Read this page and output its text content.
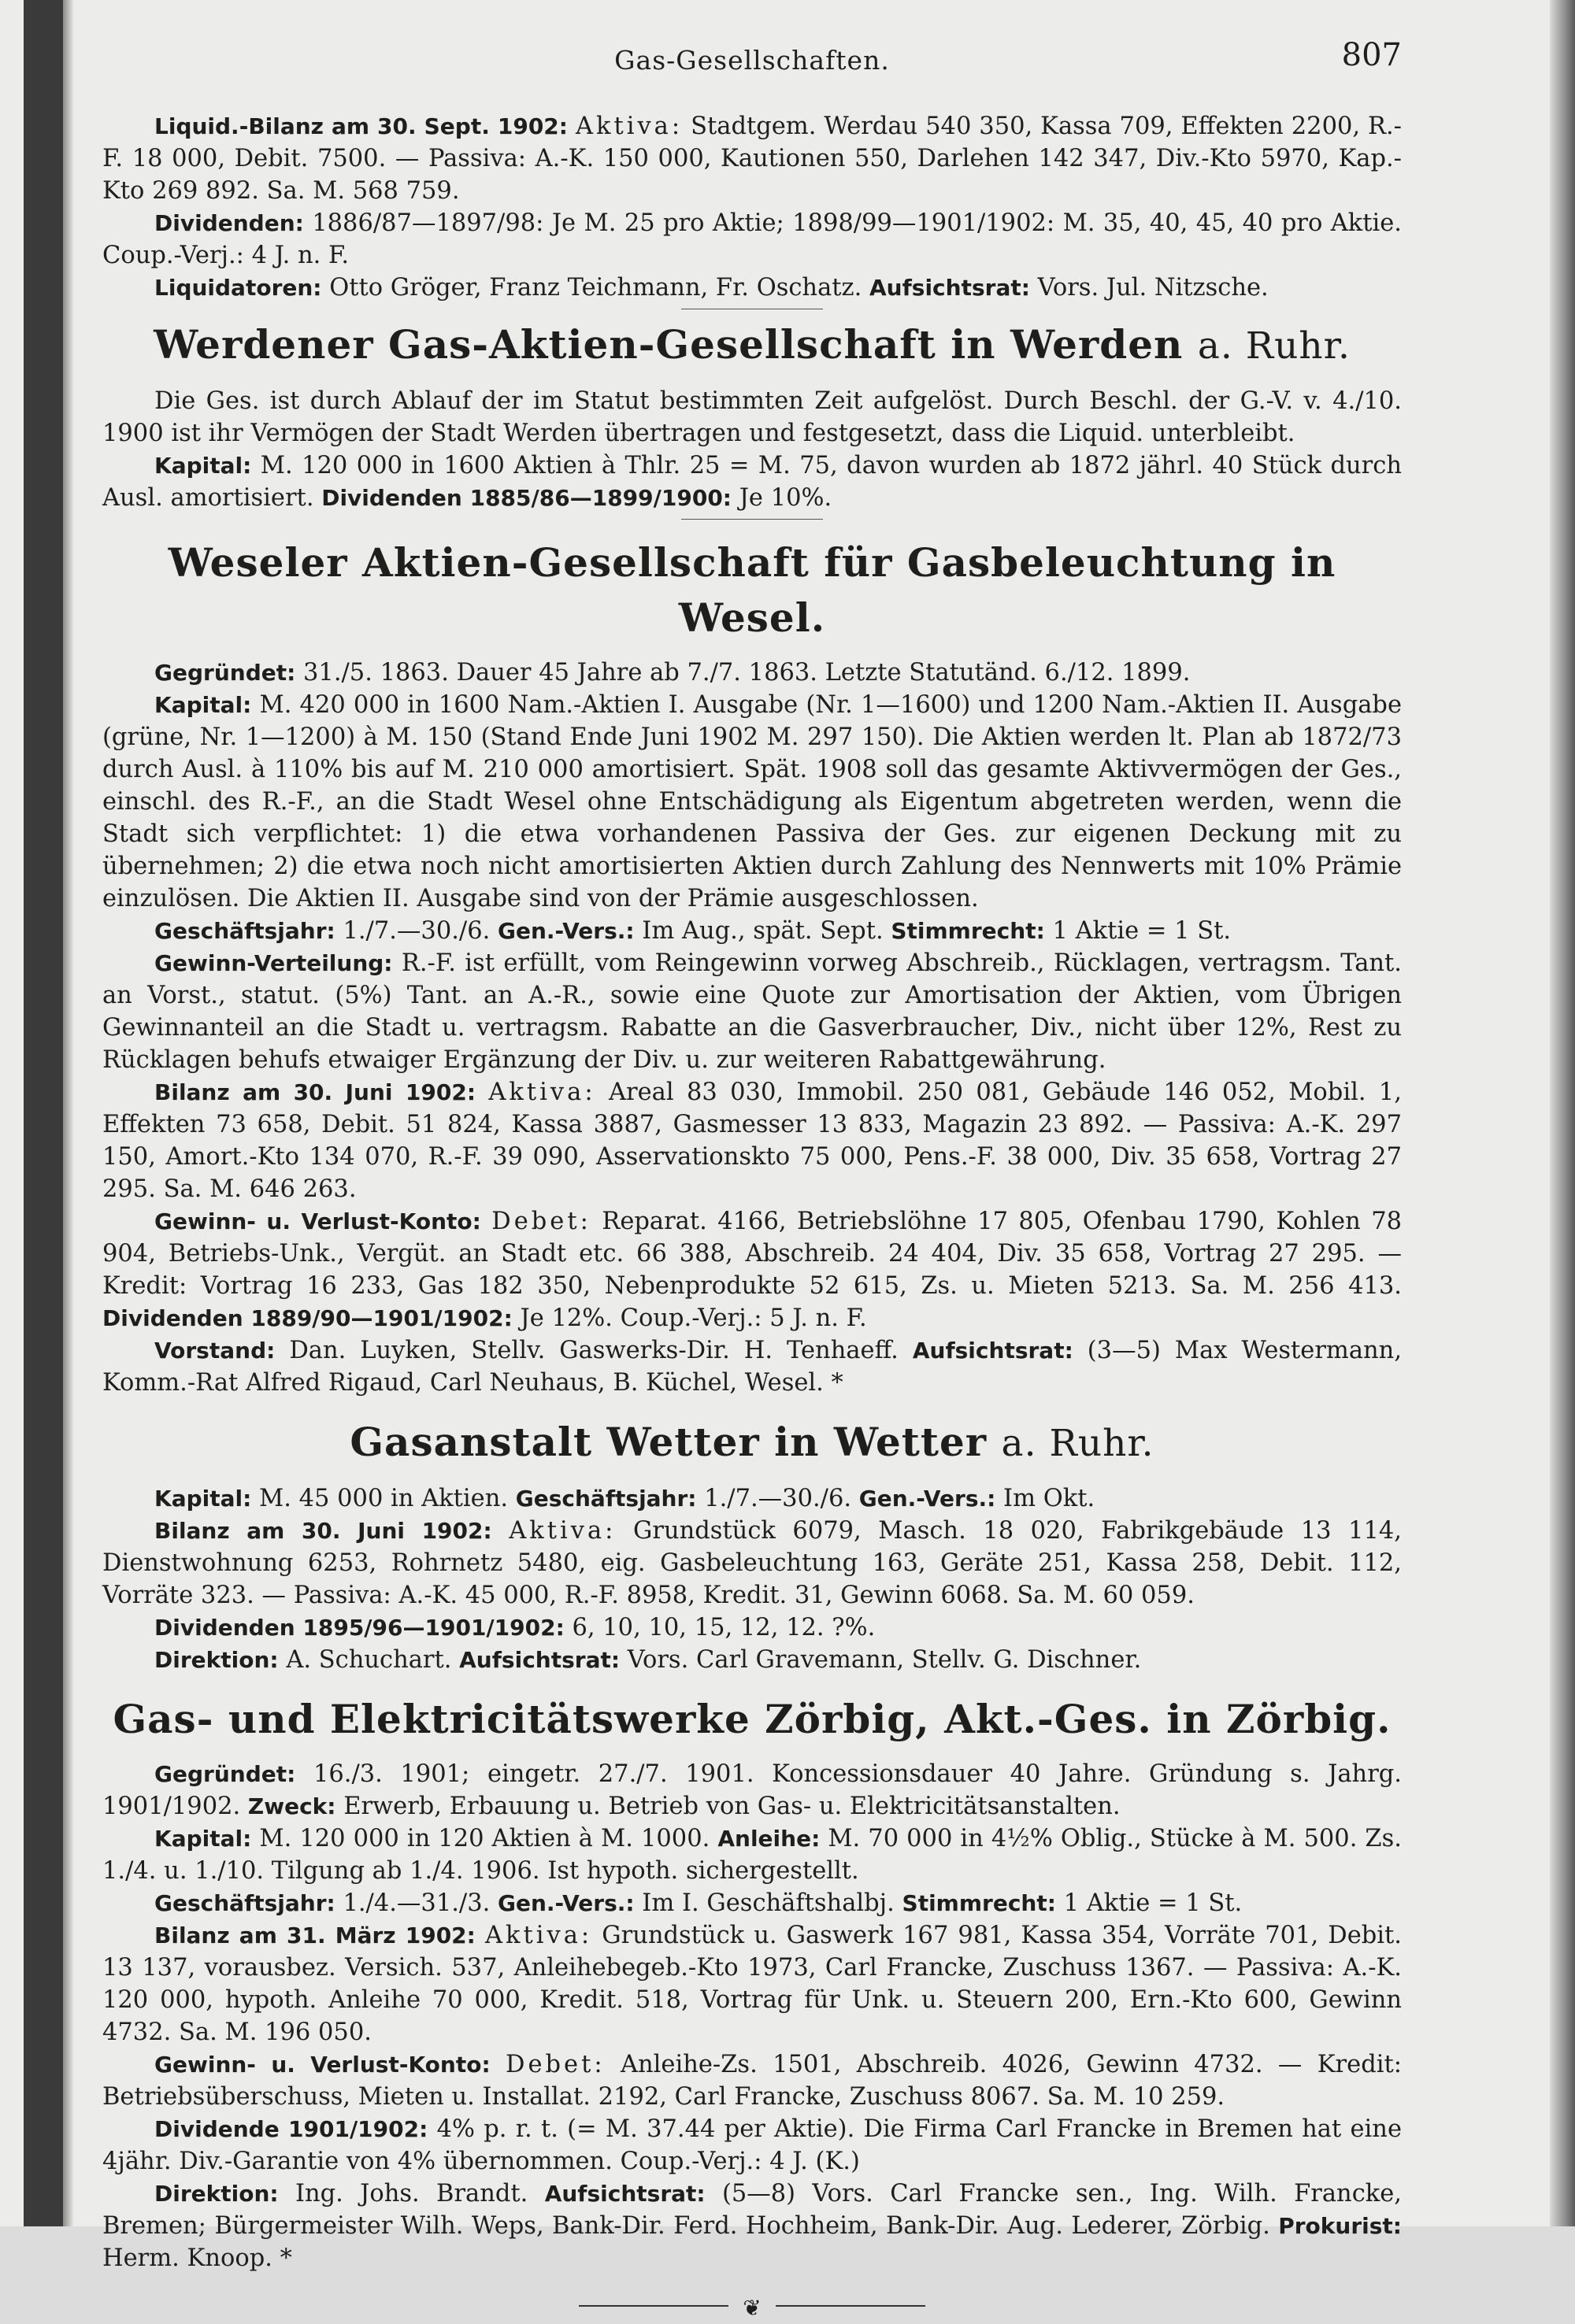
Gas-Gesellschaften.	807

Liquid.-Bilanz am 30. Sept. 1902: Aktiva: Stadtgem. Werdau 540 350, Kassa 709, Effekten 2200, R.-F. 18 000, Debit. 7500. — Passiva: A.-K. 150 000, Kautionen 550, Darlehen 142 347, Div.-Kto 5970, Kap.-Kto 269 892. Sa. M. 568 759.

Dividenden: 1886/87—1897/98: Je M. 25 pro Aktie; 1898/99—1901/1902: M. 35, 40, 45, 40 pro Aktie. Coup.-Verj.: 4 J. n. F.

Liquidatoren: Otto Gröger, Franz Teichmann, Fr. Oschatz. Aufsichtsrat: Vors. Jul. Nitzsche.

Werdener Gas-Aktien-Gesellschaft in Werden a. Ruhr.

Die Ges. ist durch Ablauf der im Statut bestimmten Zeit aufgelöst. Durch Beschl. der G.-V. v. 4./10. 1900 ist ihr Vermögen der Stadt Werden übertragen und festgesetzt, dass die Liquid. unterbleibt.

Kapital: M. 120 000 in 1600 Aktien à Thlr. 25 = M. 75, davon wurden ab 1872 jährl. 40 Stück durch Ausl. amortisiert. Dividenden 1885/86—1899/1900: Je 10%.

Weseler Aktien-Gesellschaft für Gasbeleuchtung in Wesel.

Gegründet: 31./5. 1863. Dauer 45 Jahre ab 7./7. 1863. Letzte Statutänd. 6./12. 1899.

Kapital: M. 420 000 in 1600 Nam.-Aktien I. Ausgabe (Nr. 1—1600) und 1200 Nam.-Aktien II. Ausgabe (grüne, Nr. 1—1200) à M. 150 (Stand Ende Juni 1902 M. 297 150). Die Aktien werden lt. Plan ab 1872/73 durch Ausl. à 110% bis auf M. 210 000 amortisiert. Spät. 1908 soll das gesamte Aktivvermögen der Ges., einschl. des R.-F., an die Stadt Wesel ohne Entschädigung als Eigentum abgetreten werden, wenn die Stadt sich verpflichtet: 1) die etwa vorhandenen Passiva der Ges. zur eigenen Deckung mit zu übernehmen; 2) die etwa noch nicht amortisierten Aktien durch Zahlung des Nennwerts mit 10% Prämie einzulösen. Die Aktien II. Ausgabe sind von der Prämie ausgeschlossen.

Geschäftsjahr: 1./7.—30./6. Gen.-Vers.: Im Aug., spät. Sept. Stimmrecht: 1 Aktie = 1 St.

Gewinn-Verteilung: R.-F. ist erfüllt, vom Reingewinn vorweg Abschreib., Rücklagen, vertragsm. Tant. an Vorst., statut. (5%) Tant. an A.-R., sowie eine Quote zur Amortisation der Aktien, vom Übrigen Gewinnanteil an die Stadt u. vertragsm. Rabatte an die Gasverbraucher, Div., nicht über 12%, Rest zu Rücklagen behufs etwaiger Ergänzung der Div. u. zur weiteren Rabattgewährung.

Bilanz am 30. Juni 1902: Aktiva: Areal 83 030, Immobil. 250 081, Gebäude 146 052, Mobil. 1, Effekten 73 658, Debit. 51 824, Kassa 3887, Gasmesser 13 833, Magazin 23 892. — Passiva: A.-K. 297 150, Amort.-Kto 134 070, R.-F. 39 090, Asservationskto 75 000, Pens.-F. 38 000, Div. 35 658, Vortrag 27 295. Sa. M. 646 263.

Gewinn- u. Verlust-Konto: Debet: Reparat. 4166, Betriebslöhne 17 805, Ofenbau 1790, Kohlen 78 904, Betriebs-Unk., Vergüt. an Stadt etc. 66 388, Abschreib. 24 404, Div. 35 658, Vortrag 27 295. — Kredit: Vortrag 16 233, Gas 182 350, Nebenprodukte 52 615, Zs. u. Mieten 5213. Sa. M. 256 413. Dividenden 1889/90—1901/1902: Je 12%. Coup.-Verj.: 5 J. n. F.

Vorstand: Dan. Luyken, Stellv. Gaswerks-Dir. H. Tenhaeff. Aufsichtsrat: (3—5) Max Westermann, Komm.-Rat Alfred Rigaud, Carl Neuhaus, B. Küchel, Wesel. *

Gasanstalt Wetter in Wetter a. Ruhr.

Kapital: M. 45 000 in Aktien. Geschäftsjahr: 1./7.—30./6. Gen.-Vers.: Im Okt.

Bilanz am 30. Juni 1902: Aktiva: Grundstück 6079, Masch. 18 020, Fabrikgebäude 13 114, Dienstwohnung 6253, Rohrnetz 5480, eig. Gasbeleuchtung 163, Geräte 251, Kassa 258, Debit. 112, Vorräte 323. — Passiva: A.-K. 45 000, R.-F. 8958, Kredit. 31, Gewinn 6068. Sa. M. 60 059.

Dividenden 1895/96—1901/1902: 6, 10, 10, 15, 12, 12. ?%.

Direktion: A. Schuchart. Aufsichtsrat: Vors. Carl Gravemann, Stellv. G. Dischner.

Gas- und Elektricitätswerke Zörbig, Akt.-Ges. in Zörbig.

Gegründet: 16./3. 1901; eingetr. 27./7. 1901. Koncessionsdauer 40 Jahre. Gründung s. Jahrg. 1901/1902. Zweck: Erwerb, Erbauung u. Betrieb von Gas- u. Elektricitätsanstalten.

Kapital: M. 120 000 in 120 Aktien à M. 1000. Anleihe: M. 70 000 in 4½% Oblig., Stücke à M. 500. Zs. 1./4. u. 1./10. Tilgung ab 1./4. 1906. Ist hypoth. sichergestellt.

Geschäftsjahr: 1./4.—31./3. Gen.-Vers.: Im I. Geschäftshalbj. Stimmrecht: 1 Aktie = 1 St.

Bilanz am 31. März 1902: Aktiva: Grundstück u. Gaswerk 167 981, Kassa 354, Vorräte 701, Debit. 13 137, vorausbez. Versich. 537, Anleihebegeb.-Kto 1973, Carl Francke, Zuschuss 1367. — Passiva: A.-K. 120 000, hypoth. Anleihe 70 000, Kredit. 518, Vortrag für Unk. u. Steuern 200, Ern.-Kto 600, Gewinn 4732. Sa. M. 196 050.

Gewinn- u. Verlust-Konto: Debet: Anleihe-Zs. 1501, Abschreib. 4026, Gewinn 4732. — Kredit: Betriebsüberschuss, Mieten u. Installat. 2192, Carl Francke, Zuschuss 8067. Sa. M. 10 259.

Dividende 1901/1902: 4% p. r. t. (= M. 37.44 per Aktie). Die Firma Carl Francke in Bremen hat eine 4jähr. Div.-Garantie von 4% übernommen. Coup.-Verj.: 4 J. (K.)

Direktion: Ing. Johs. Brandt. Aufsichtsrat: (5—8) Vors. Carl Francke sen., Ing. Wilh. Francke, Bremen; Bürgermeister Wilh. Weps, Bank-Dir. Ferd. Hochheim, Bank-Dir. Aug. Lederer, Zörbig. Prokurist: Herm. Knoop. *

❦
